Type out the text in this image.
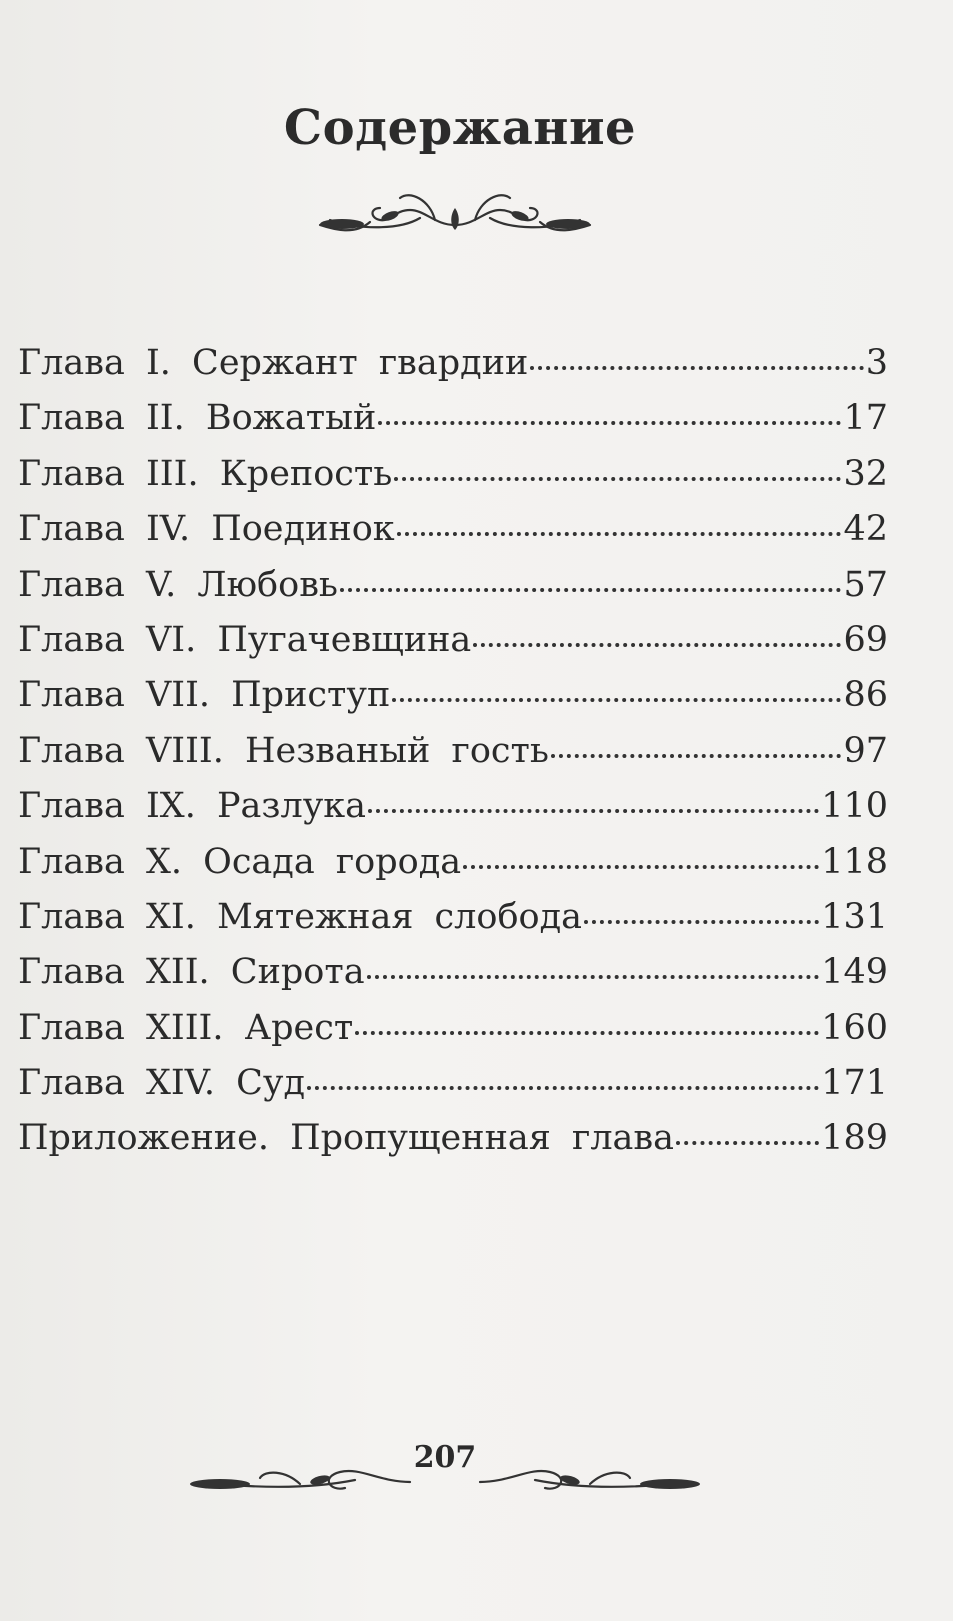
Содержание
Глава I. Сержант гвардии	3
Глава II. Вожатый	17
Глава III. Крепость	32
Глава IV. Поединок	42
Глава V. Любовь	57
Глава VI. Пугачевщина	69
Глава VII. Приступ	86
Глава VIII. Незваный гость	97
Глава IX. Разлука	110
Глава X. Осада города	118
Глава XI. Мятежная слобода	131
Глава XII. Сирота	149
Глава XIII. Арест	160
Глава XIV. Суд	171
Приложение. Пропущенная глава	189
207
